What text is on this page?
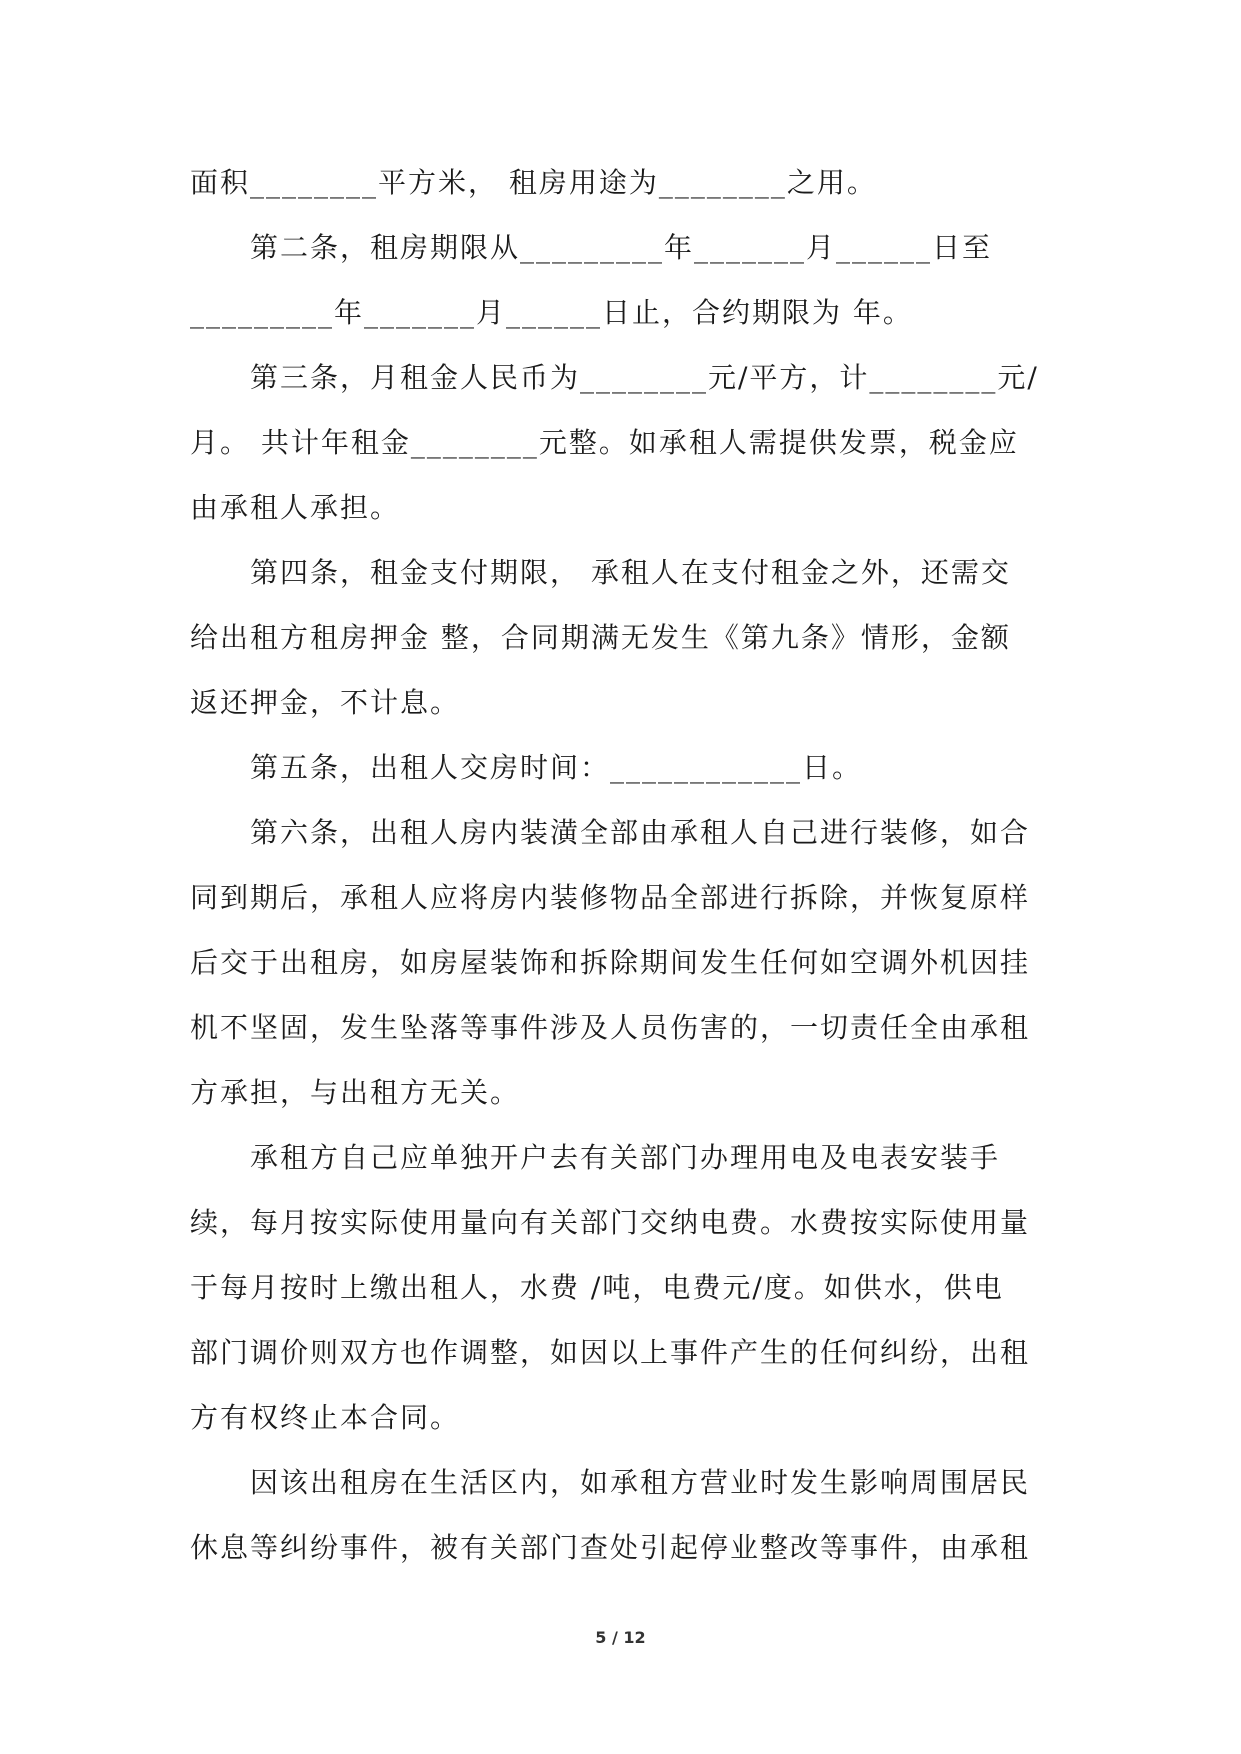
面积________平方米， 租房用途为________之用。
第二条，租房期限从_________年_______月______日至
_________年_______月______日止，合约期限为 年。
第三条，月租金人民币为________元/平方，计________元/
月。 共计年租金________元整。如承租人需提供发票，税金应
由承租人承担。
第四条，租金支付期限， 承租人在支付租金之外，还需交
给出租方租房押金 整，合同期满无发生《第九条》情形，金额
返还押金，不计息。
第五条，出租人交房时间：____________日。
第六条，出租人房内装潢全部由承租人自己进行装修，如合
同到期后，承租人应将房内装修物品全部进行拆除，并恢复原样
后交于出租房，如房屋装饰和拆除期间发生任何如空调外机因挂
机不坚固，发生坠落等事件涉及人员伤害的，一切责任全由承租
方承担，与出租方无关。
承租方自己应单独开户去有关部门办理用电及电表安装手
续，每月按实际使用量向有关部门交纳电费。水费按实际使用量
于每月按时上缴出租人，水费 /吨，电费元/度。如供水，供电
部门调价则双方也作调整，如因以上事件产生的任何纠纷，出租
方有权终止本合同。
因该出租房在生活区内，如承租方营业时发生影响周围居民
休息等纠纷事件，被有关部门查处引起停业整改等事件，由承租
5 / 12
